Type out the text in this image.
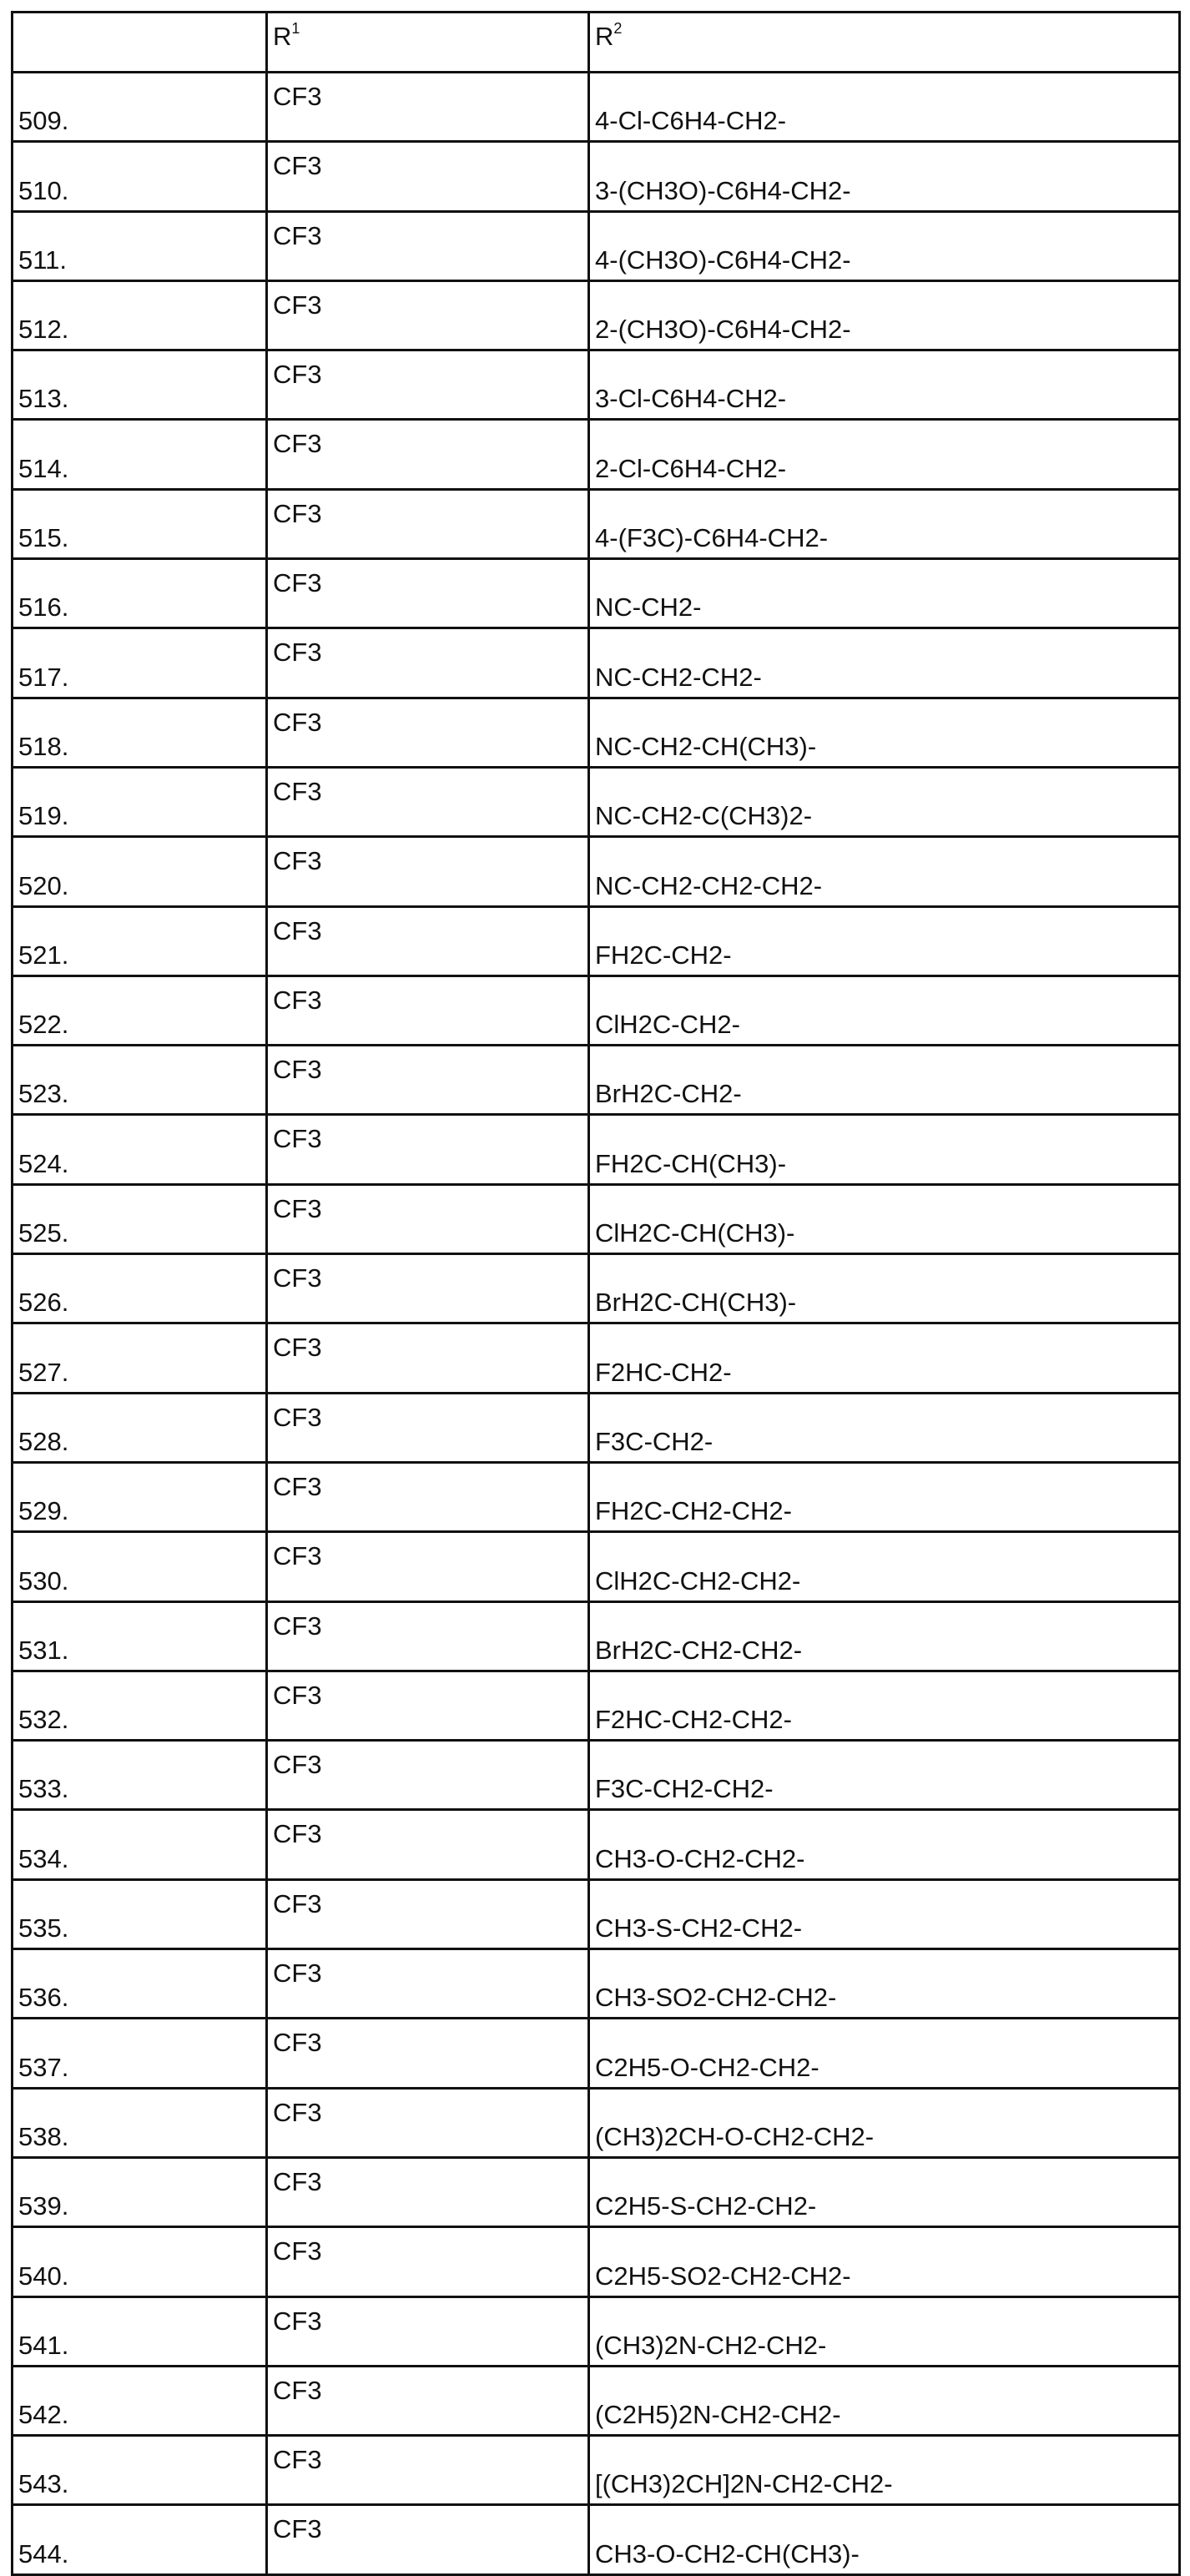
	R1	R2
509.	CF3	4-Cl-C6H4-CH2-
510.	CF3	3-(CH3O)-C6H4-CH2-
511.	CF3	4-(CH3O)-C6H4-CH2-
512.	CF3	2-(CH3O)-C6H4-CH2-
513.	CF3	3-Cl-C6H4-CH2-
514.	CF3	2-Cl-C6H4-CH2-
515.	CF3	4-(F3C)-C6H4-CH2-
516.	CF3	NC-CH2-
517.	CF3	NC-CH2-CH2-
518.	CF3	NC-CH2-CH(CH3)-
519.	CF3	NC-CH2-C(CH3)2-
520.	CF3	NC-CH2-CH2-CH2-
521.	CF3	FH2C-CH2-
522.	CF3	ClH2C-CH2-
523.	CF3	BrH2C-CH2-
524.	CF3	FH2C-CH(CH3)-
525.	CF3	ClH2C-CH(CH3)-
526.	CF3	BrH2C-CH(CH3)-
527.	CF3	F2HC-CH2-
528.	CF3	F3C-CH2-
529.	CF3	FH2C-CH2-CH2-
530.	CF3	ClH2C-CH2-CH2-
531.	CF3	BrH2C-CH2-CH2-
532.	CF3	F2HC-CH2-CH2-
533.	CF3	F3C-CH2-CH2-
534.	CF3	CH3-O-CH2-CH2-
535.	CF3	CH3-S-CH2-CH2-
536.	CF3	CH3-SO2-CH2-CH2-
537.	CF3	C2H5-O-CH2-CH2-
538.	CF3	(CH3)2CH-O-CH2-CH2-
539.	CF3	C2H5-S-CH2-CH2-
540.	CF3	C2H5-SO2-CH2-CH2-
541.	CF3	(CH3)2N-CH2-CH2-
542.	CF3	(C2H5)2N-CH2-CH2-
543.	CF3	[(CH3)2CH]2N-CH2-CH2-
544.	CF3	CH3-O-CH2-CH(CH3)-
